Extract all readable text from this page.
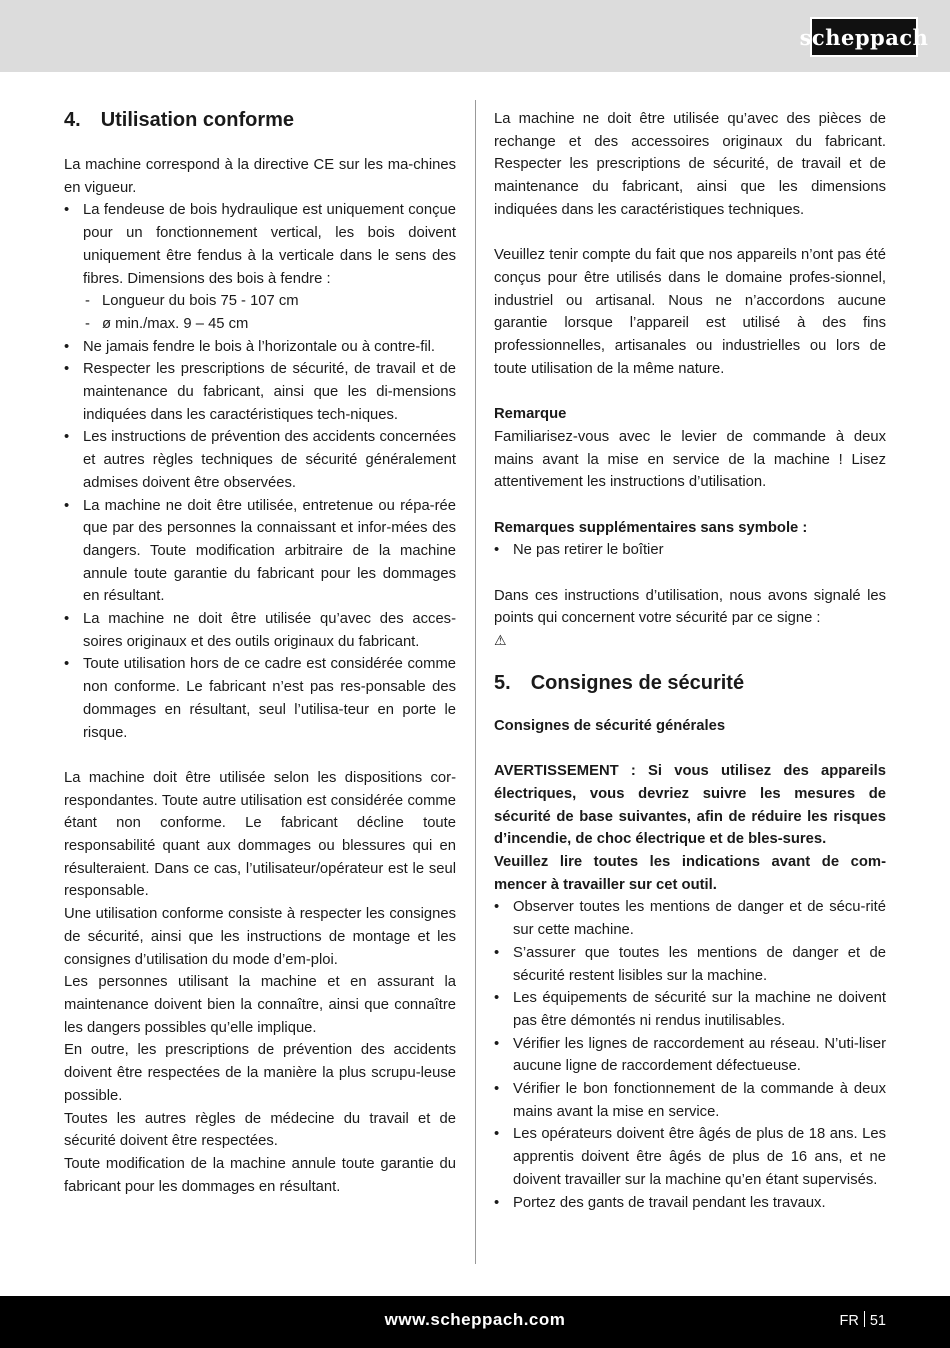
scheppach
4. Utilisation conforme

La machine correspond à la directive CE sur les ma-chines en vigueur.

• La fendeuse de bois hydraulique est uniquement conçue pour un fonctionnement vertical, les bois doivent uniquement être fendus à la verticale dans le sens des fibres. Dimensions des bois à fendre :
- Longueur du bois 75 - 107 cm
- ø min./max. 9 – 45 cm
• Ne jamais fendre le bois à l’horizontale ou à contre-fil.
• Respecter les prescriptions de sécurité, de travail et de maintenance du fabricant, ainsi que les di-mensions indiquées dans les caractéristiques tech-niques.
• Les instructions de prévention des accidents concernées et autres règles techniques de sécurité généralement admises doivent être observées.
• La machine ne doit être utilisée, entretenue ou répa-rée que par des personnes la connaissant et infor-mées des dangers. Toute modification arbitraire de la machine annule toute garantie du fabricant pour les dommages en résultant.
• La machine ne doit être utilisée qu’avec des acces-soires originaux et des outils originaux du fabricant.
• Toute utilisation hors de ce cadre est considérée comme non conforme. Le fabricant n’est pas res-ponsable des dommages en résultant, seul l’utilisa-teur en porte le risque.

La machine doit être utilisée selon les dispositions cor-respondantes. Toute autre utilisation est considérée comme étant non conforme. Le fabricant décline toute responsabilité quant aux dommages ou blessures qui en résulteraient. Dans ce cas, l’utilisateur/opérateur est le seul responsable.

Une utilisation conforme consiste à respecter les consignes de sécurité, ainsi que les instructions de montage et les consignes d’utilisation du mode d’em-ploi.

Les personnes utilisant la machine et en assurant la maintenance doivent bien la connaître, ainsi que connaître les dangers possibles qu’elle implique.

En outre, les prescriptions de prévention des accidents doivent être respectées de la manière la plus scrupu-leuse possible.

Toutes les autres règles de médecine du travail et de sécurité doivent être respectées.

Toute modification de la machine annule toute garantie du fabricant pour les dommages en résultant.

La machine ne doit être utilisée qu’avec des pièces de rechange et des accessoires originaux du fabricant. Respecter les prescriptions de sécurité, de travail et de maintenance du fabricant, ainsi que les dimensions indiquées dans les caractéristiques techniques.

Veuillez tenir compte du fait que nos appareils n’ont pas été conçus pour être utilisés dans le domaine profes-sionnel, industriel ou artisanal. Nous ne n’accordons aucune garantie lorsque l’appareil est utilisé à des fins professionnelles, artisanales ou industrielles ou lors de toute utilisation de la même nature.

Remarque

Familiarisez-vous avec le levier de commande à deux mains avant la mise en service de la machine ! Lisez attentivement les instructions d’utilisation.

Remarques supplémentaires sans symbole :

• Ne pas retirer le boîtier

Dans ces instructions d’utilisation, nous avons signalé les points qui concernent votre sécurité par ce signe :

⚠

5. Consignes de sécurité

Consignes de sécurité générales

AVERTISSEMENT : Si vous utilisez des appareils électriques, vous devriez suivre les mesures de sécurité de base suivantes, afin de réduire les risques d’incendie, de choc électrique et de bles-sures.

Veuillez lire toutes les indications avant de com-mencer à travailler sur cet outil.

• Observer toutes les mentions de danger et de sécu-rité sur cette machine.
• S’assurer que toutes les mentions de danger et de sécurité restent lisibles sur la machine.
• Les équipements de sécurité sur la machine ne doivent pas être démontés ni rendus inutilisables.
• Vérifier les lignes de raccordement au réseau. N’uti-liser aucune ligne de raccordement défectueuse.
• Vérifier le bon fonctionnement de la commande à deux mains avant la mise en service.
• Les opérateurs doivent être âgés de plus de 18 ans. Les apprentis doivent être âgés de plus de 16 ans, et ne doivent travailler sur la machine qu’en étant supervisés.
• Portez des gants de travail pendant les travaux.
www.scheppach.com	FR 51
